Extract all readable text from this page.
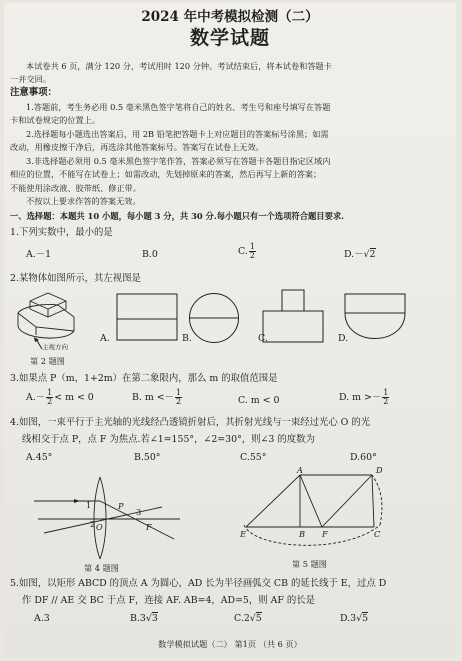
2024 年中考模拟检测（二）
数学试题
本试卷共 6 页，满分 120 分，考试用时 120 分钟。考试结束后，将本试卷和答题卡
一并交回。
注意事项：
1.答题前，考生务必用 0.5 毫米黑色签字笔将自己的姓名、考生号和座号填写在答题
卡和试卷规定的位置上。
2.选择题每小题选出答案后，用 2B 铅笔把答题卡上对应题目的答案标号涂黑；如需
改动，用橡皮擦干净后，再选涂其他答案标号。答案写在试卷上无效。
3.非选择题必须用 0.5 毫米黑色签字笔作答，答案必须写在答题卡各题目指定区域内
相应的位置，不能写在试卷上；如需改动，先划掉原来的答案，然后再写上新的答案；
不能使用涂改液、胶带纸、修正带。
不按以上要求作答的答案无效。
一、选择题：本题共 10 小题，每小题 3 分，共 30 分.每小题只有一个选项符合题目要求.
1.下列实数中，最小的是
A.－1	B.0	C. $\frac{1}{2}$	D.－√2
2.某物体如图所示，其左视图是
主视方向
第 2 题图
A.	B.	C.	D.
3.如果点 P（m，1+2m）在第二象限内，那么 m 的取值范围是
$A.- \frac{1}{2} < m < 0$	B. $m <- \frac{1}{2}$	C. m < 0	D. $m >- \frac{1}{2}$
4.如图，一束平行于主光轴的光线经凸透镜折射后，其折射光线与一束经过光心 O 的光
线相交于点 P，点 F 为焦点.若∠1=155°，∠2=30°，则∠3 的度数为
A.45°	B.50°	C.55°	D.60°
P
O	F
1
2
3
第 4 题图
A	D
E	B F	C
第 5 题图
5.如图，以矩形 ABCD 的顶点 A 为圆心，AD 长为半径画弧交 CB 的延长线于 E，过点 D
作 DF // AE 交 BC 于点 F，连接 AF. AB=4，AD=5，则 AF 的长是
A.3	B.3√3	C.2√5	D.3√5
数学模拟试题（二） 第1页 （共 6 页）
